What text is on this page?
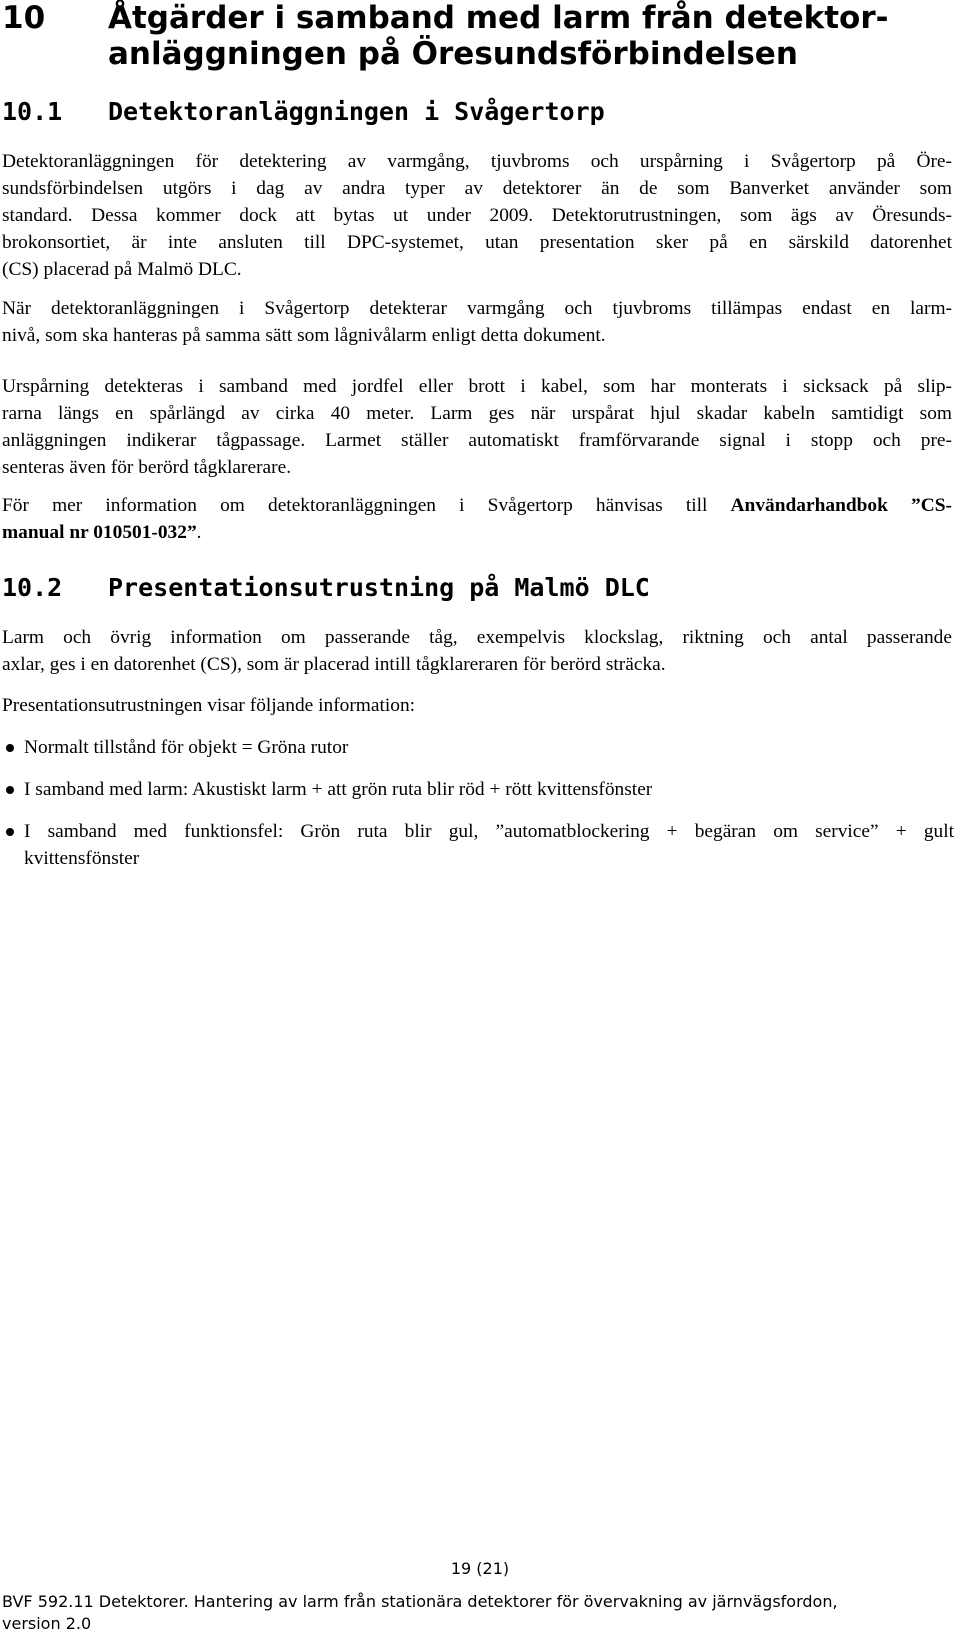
10 Åtgärder i samband med larm från detektor-
anläggningen på Öresundsförbindelsen
10.1 Detektoranläggningen i Svågertorp
Detektoranläggningen för detektering av varmgång, tjuvbroms och urspårning i Svågertorp på Öre-
sundsförbindelsen utgörs i dag av andra typer av detektorer än de som Banverket använder som
standard. Dessa kommer dock att bytas ut under 2009. Detektorutrustningen, som ägs av Öresunds-
brokonsortiet, är inte ansluten till DPC-systemet, utan presentation sker på en särskild datorenhet
(CS) placerad på Malmö DLC.
När detektoranläggningen i Svågertorp detekterar varmgång och tjuvbroms tillämpas endast en larm-
nivå, som ska hanteras på samma sätt som lågnivålarm enligt detta dokument.
Urspårning detekteras i samband med jordfel eller brott i kabel, som har monterats i sicksack på slip-
rarna längs en spårlängd av cirka 40 meter. Larm ges när urspårat hjul skadar kabeln samtidigt som
anläggningen indikerar tågpassage. Larmet ställer automatiskt framförvarande signal i stopp och pre-
senteras även för berörd tågklarerare.
För mer information om detektoranläggningen i Svågertorp hänvisas till Användarhandbok ”CS-
manual nr 010501-032”.
10.2 Presentationsutrustning på Malmö DLC
Larm och övrig information om passerande tåg, exempelvis klockslag, riktning och antal passerande
axlar, ges i en datorenhet (CS), som är placerad intill tågklareraren för berörd sträcka.
Presentationsutrustningen visar följande information:
Normalt tillstånd för objekt = Gröna rutor
I samband med larm: Akustiskt larm + att grön ruta blir röd + rött kvittensfönster
I samband med funktionsfel: Grön ruta blir gul, ”automatblockering + begäran om service” + gult
kvittensfönster
19 (21)
BVF 592.11 Detektorer. Hantering av larm från stationära detektorer för övervakning av järnvägsfordon,
version 2.0
